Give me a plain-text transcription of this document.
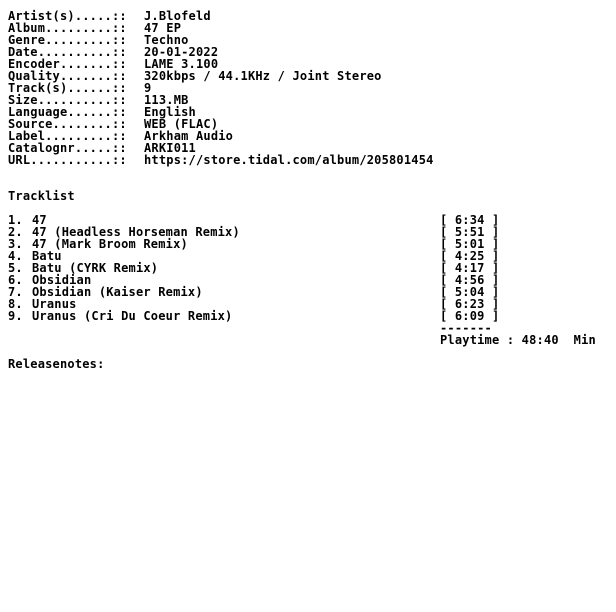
Artist(s).....:: J.Blofeld
Album.........:: 47 EP
Genre.........:: Techno
Date..........:: 20-01-2022
Encoder.......:: LAME 3.100
Quality.......:: 320kbps / 44.1KHz / Joint Stereo
Track(s)......:: 9
Size..........:: 113.MB
Language......:: English
Source........:: WEB (FLAC)
Label.........:: Arkham Audio
Catalognr.....:: ARKI011
URL...........:: https://store.tidal.com/album/205801454
Tracklist
1. 47	[ 6:34 ]
2. 47 (Headless Horseman Remix)	[ 5:51 ]
3. 47 (Mark Broom Remix)	[ 5:01 ]
4. Batu	[ 4:25 ]
5. Batu (CYRK Remix)	[ 4:17 ]
6. Obsidian	[ 4:56 ]
7. Obsidian (Kaiser Remix)	[ 5:04 ]
8. Uranus	[ 6:23 ]
9. Uranus (Cri Du Coeur Remix)	[ 6:09 ]
-------
Playtime : 48:40  Min
Releasenotes:
